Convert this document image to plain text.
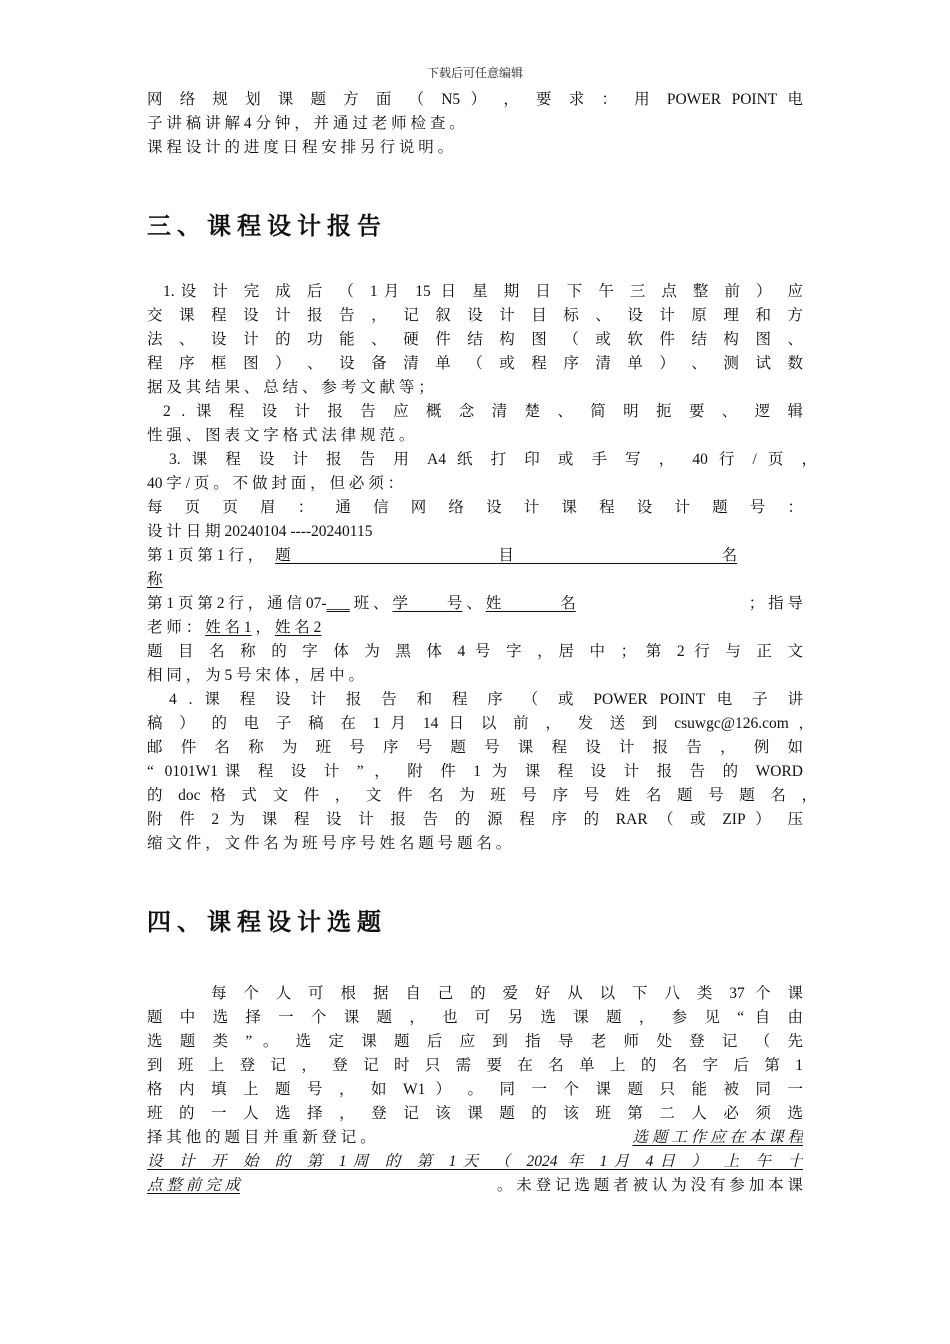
下载后可任意编辑
网 络 规 划 课 题 方 面 （ N5 ） ， 要 求 ： 用 POWER POINT 电
子 讲 稿 讲 解 4 分 钟 ， 并 通 过 老 师 检 查 。
课 程 设 计 的 进 度 日 程 安 排 另 行 说 明 。
三、课程设计报告
1.设 计 完 成 后 （ 1月 15 日 星 期 日 下 午 三 点 整 前 ） 应
交 课 程 设 计 报 告 ， 记 叙 设 计 目 标 、 设 计 原 理 和 方
法 、 设 计 的 功 能 、 硬 件 结 构 图 （ 或 软 件 结 构 图 、
程 序 框 图 ） 、 设 备 清 单 （ 或 程 序 清 单 ） 、 测 试 数
据 及 其 结 果 、 总 结 、 参 考 文 献 等 ；
2 . 课 程 设 计 报 告 应 概 念 清 楚 、 简 明 扼 要 、 逻 辑
性 强 、 图 表 文 字 格 式 法 律 规 范 。
3. 课 程 设 计 报 告 用 A4 纸 打 印 或 手 写 ， 40 行 / 页 ，
40 字 / 页 。 不 做 封 面 ， 但 必 须 ：
每 页 页 眉 ： 通 信 网 络 设 计 课 程 设 计 题 号 ：
设 计 日 期 20240104 ----20240115
第 1 页 第 1 行 ， 题 目 名
称
第 1 页 第 2 行 ， 通 信 07-___ 班 、 学 号 、 姓 名	； 指 导
老 师 ： 姓 名 1 ， 姓 名 2
题 目 名 称 的 字 体 为 黑 体 4 号 字 ，居 中 ； 第 2 行 与 正 文
相 同 ， 为 5 号 宋 体 ，居 中 。
4 . 课 程 设 计 报 告 和 程 序 （ 或 POWER POINT 电 子 讲
稿 ） 的 电 子 稿 在 1 月 14 日 以 前 ， 发 送 到 csuwgc@126.com ,
邮 件 名 称 为 班 号 序 号 题 号 课 程 设 计 报 告 ， 例 如
“ 0101W1课 程 设 计 ” ， 附 件 1 为 课 程 设 计 报 告 的 WORD
的 doc 格 式 文 件 ， 文 件 名 为 班 号 序 号 姓 名 题 号 题 名 ，
附 件 2 为 课 程 设 计 报 告 的 源 程 序 的 RAR （ 或 ZIP ） 压
缩 文 件 ， 文 件 名 为 班 号 序 号 姓 名 题 号 题 名 。
四、课程设计选题
每 个 人 可 根 据 自 己 的 爱 好 从 以 下 八 类 37 个 课
题 中 选 择 一 个 课 题 ， 也 可 另 选 课 题 ， 参 见 “ 自 由
选 题 类 ” 。 选 定 课 题 后 应 到 指 导 老 师 处 登 记 （ 先
到 班 上 登 记 ， 登 记 时 只 需 要 在 名 单 上 的 名 字 后 第 1
格 内 填 上 题 号 ， 如 W1 ） 。 同 一 个 课 题 只 能 被 同 一
班 的 一 人 选 择 ， 登 记 该 课 题 的 该 班 第 二 人 必 须 选
择 其 他 的 题 目 并 重 新 登 记 。	选 题 工 作 应 在 本 课 程
设 计 开 始 的 第 1周 的 第 1天 （ 2024 年 1月 4日 ） 上 午 十
点 整 前 完 成	。 未 登 记 选 题 者 被 认 为 没 有 参 加 本 课
